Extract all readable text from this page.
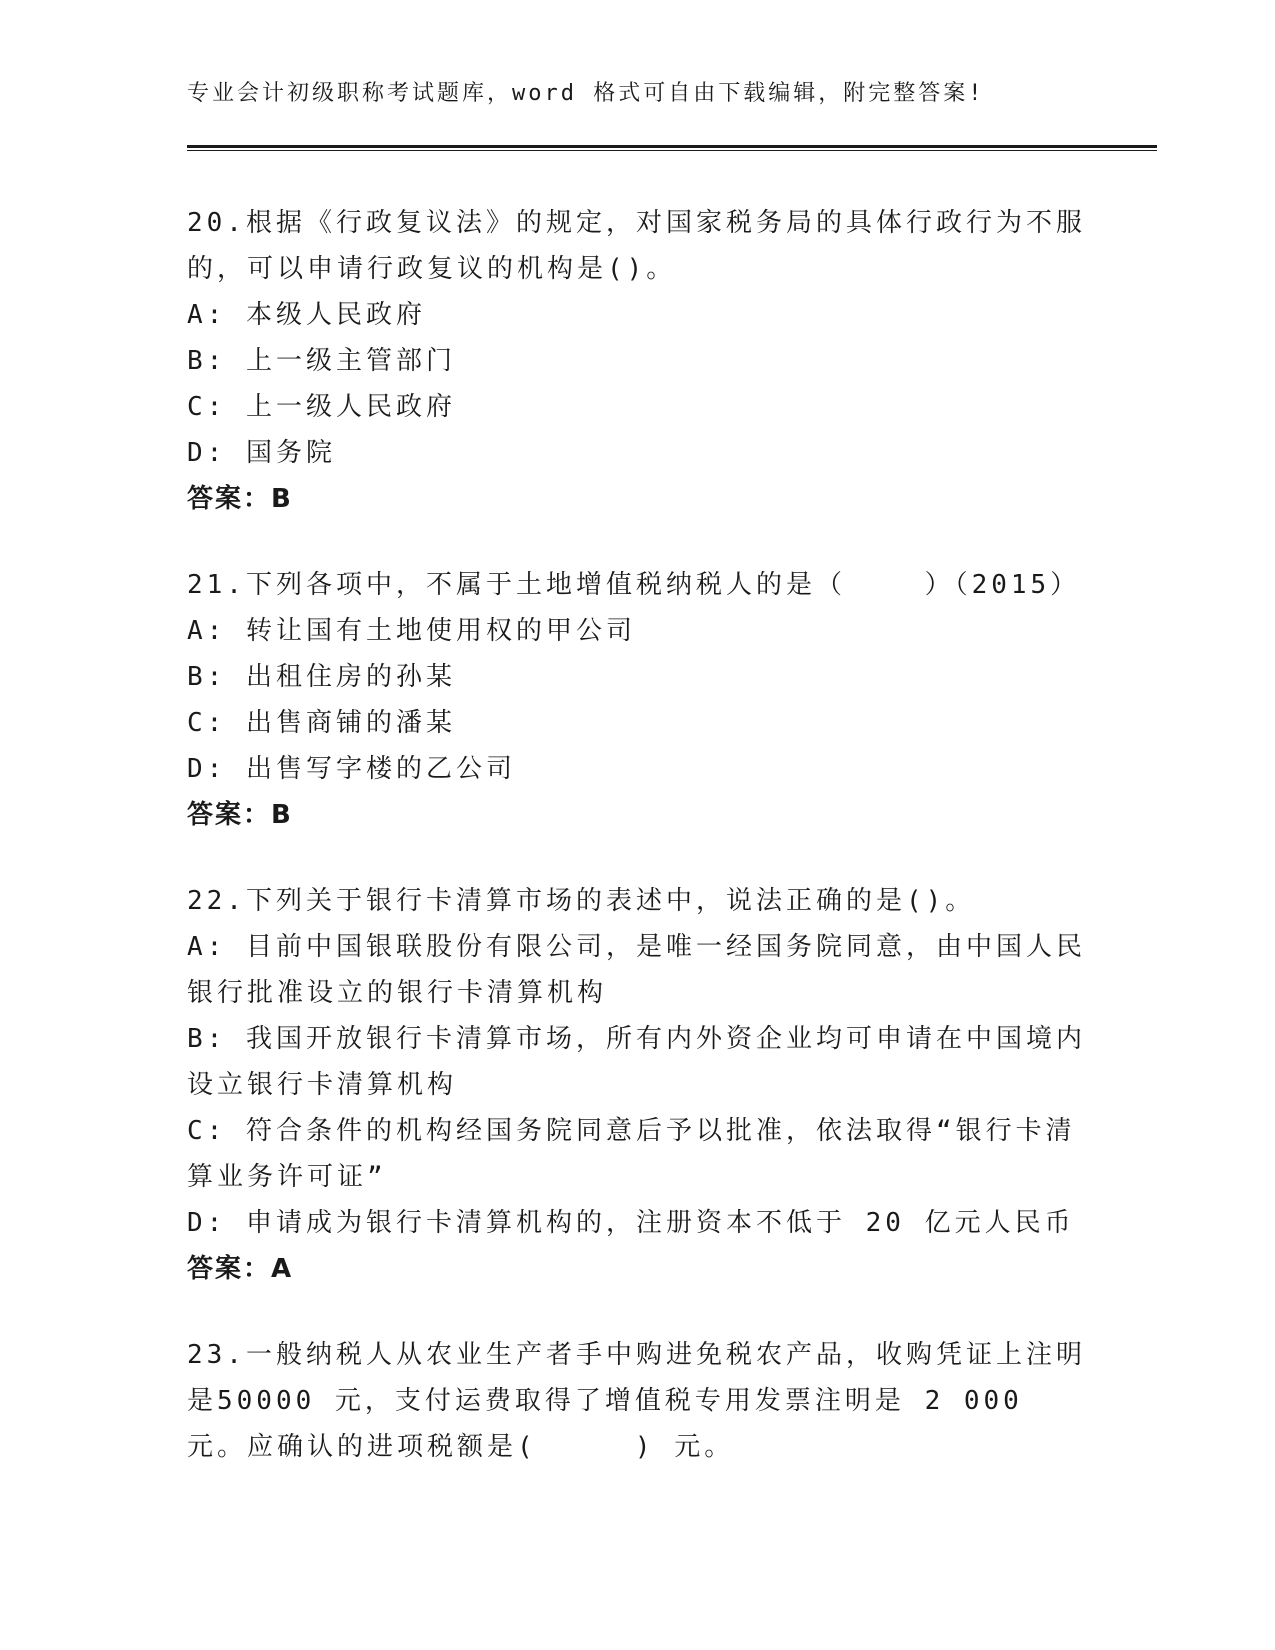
专业会计初级职称考试题库，word 格式可自由下载编辑，附完整答案!
20.根据《行政复议法》的规定，对国家税务局的具体行政行为不服的，可以申请行政复议的机构是()。
A: 本级人民政府
B: 上一级主管部门
C: 上一级人民政府
D: 国务院
答案：B
21.下列各项中，不属于土地增值税纳税人的是（    ）（2015）
A: 转让国有土地使用权的甲公司
B: 出租住房的孙某
C: 出售商铺的潘某
D: 出售写字楼的乙公司
答案：B
22.下列关于银行卡清算市场的表述中，说法正确的是()。
A: 目前中国银联股份有限公司，是唯一经国务院同意，由中国人民银行批准设立的银行卡清算机构
B: 我国开放银行卡清算市场，所有内外资企业均可申请在中国境内设立银行卡清算机构
C: 符合条件的机构经国务院同意后予以批准，依法取得“银行卡清算业务许可证”
D: 申请成为银行卡清算机构的，注册资本不低于 20 亿元人民币
答案：A
23.一般纳税人从农业生产者手中购进免税农产品，收购凭证上注明是50000 元，支付运费取得了增值税专用发票注明是 2 000 元。应确认的进项税额是(     ) 元。
